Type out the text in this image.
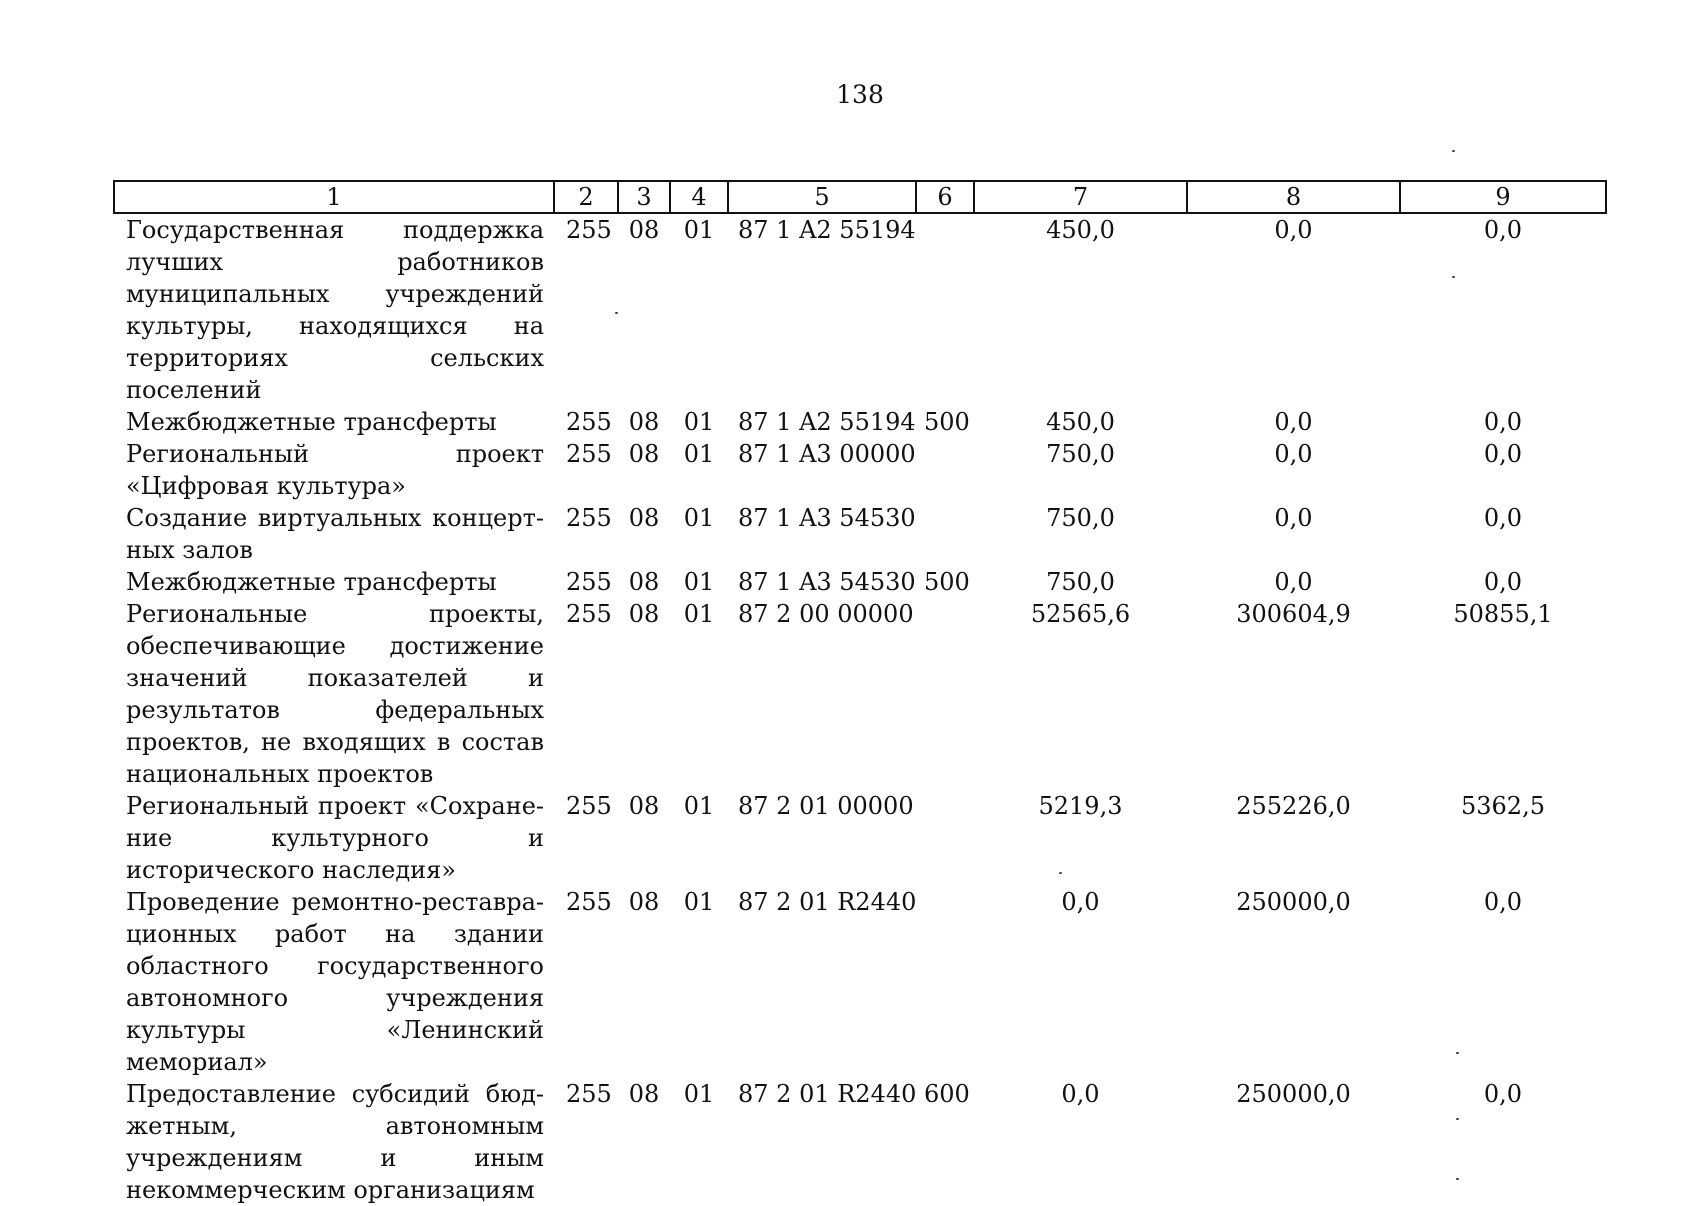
138
1	2	3	4	5	6	7	8	9
Государственная поддержка лучших работников муниципальных учреждений культуры, находящихся на территориях сельских поселений	255	08	01	87 1 A2 55194		450,0	0,0	0,0
Межбюджетные трансферты	255	08	01	87 1 A2 55194	500	450,0	0,0	0,0
Региональный проект «Цифровая культура»	255	08	01	87 1 A3 00000		750,0	0,0	0,0
Создание виртуальных концертных залов	255	08	01	87 1 A3 54530		750,0	0,0	0,0
Межбюджетные трансферты	255	08	01	87 1 A3 54530	500	750,0	0,0	0,0
Региональные проекты, обеспечивающие достижение значений показателей и результатов федеральных проектов, не входящих в состав национальных проектов	255	08	01	87 2 00 00000		52565,6	300604,9	50855,1
Региональный проект «Сохранение культурного и исторического наследия»	255	08	01	87 2 01 00000		5219,3	255226,0	5362,5
Проведение ремонтно-реставрационных работ на здании областного государственного автономного учреждения культуры «Ленинский мемориал»	255	08	01	87 2 01 R2440		0,0	250000,0	0,0
Предоставление субсидий бюджетным, автономным учреждениям и иным некоммерческим организациям	255	08	01	87 2 01 R2440	600	0,0	250000,0	0,0
